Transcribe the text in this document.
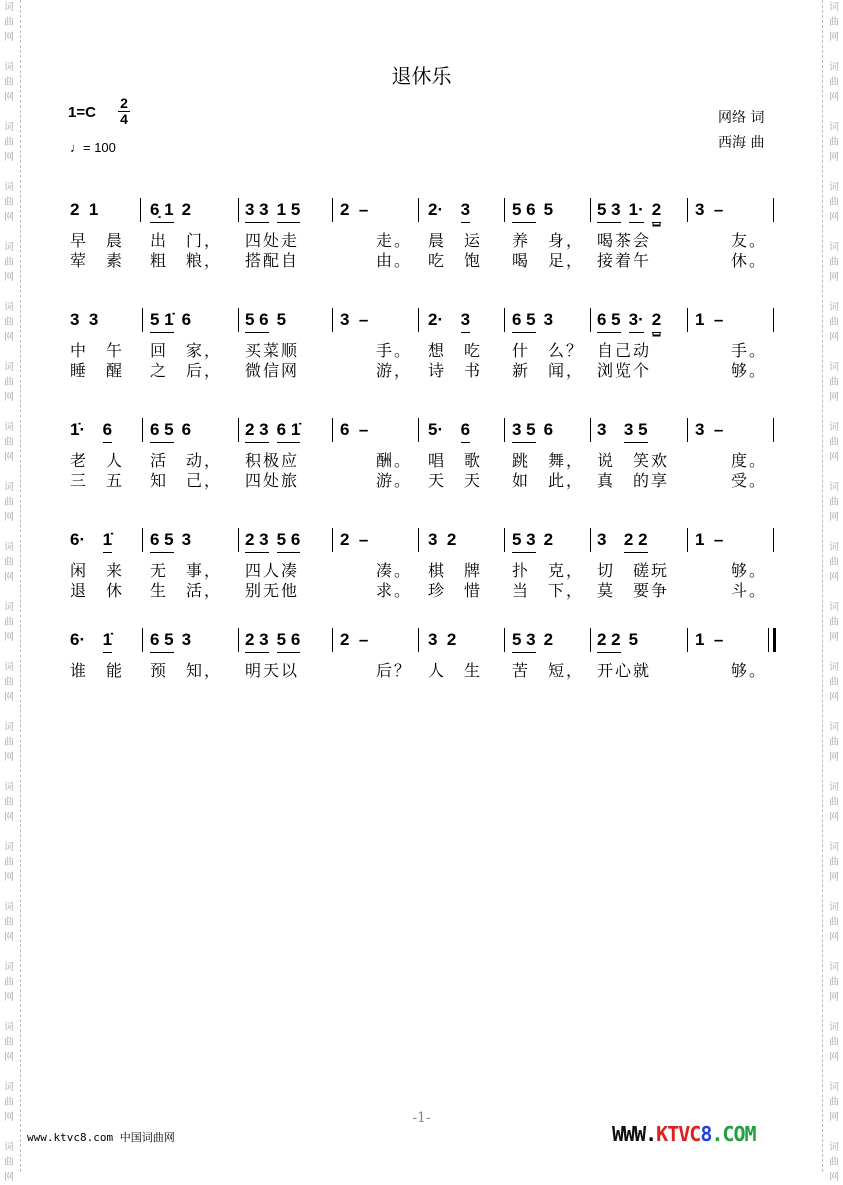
词
曲
网
词
曲
网
词
曲
网
词
曲
网
词
曲
网
词
曲
网
词
曲
网
词
曲
网
词
曲
网
词
曲
网
词
曲
网
词
曲
网
词
曲
网
词
曲
网
词
曲
网
词
曲
网
词
曲
网
词
曲
网
词
曲
网
词
曲
网
词
曲
网
词
曲
网
词
曲
网
词
曲
网
词
曲
网
词
曲
网
词
曲
网
词
曲
网
词
曲
网
词
曲
网
词
曲
网
词
曲
网
词
曲
网
词
曲
网
词
曲
网
词
曲
网
词
曲
网
词
曲
网
词
曲
网
词
曲
网
退休乐
$1=C \frac{2}{4}$
♩= 100
网络 词
西海 曲
2  1
早　晨
荤　素
6̣ 1 2
出　门，
粗　粮，
3 3 1 5
四处走
搭配自
2  –
　　走。
　　由。
2·  3
晨　运
吃　饱
5 6 5
养　身，
喝　足，
5 3 1· 2
喝茶会
接着午
3  –
　　友。
　　休。
3  3
中　午
睡　醒
5 1̇ 6
回　家，
之　后，
5 6 5
买菜顺
微信网
3  –
　　手。
　　游，
2·  3
想　吃
诗　书
6 5 3
什　么？
新　闻，
6 5 3· 2
自己动
浏览个
1  –
　　手。
　　够。
1̇·  6
老　人
三　五
6 5 6
活　动，
知　己，
2 3 6 1̇
积极应
四处旅
6  –
　　酬。
　　游。
5·  6
唱　歌
天　天
3 5 6
跳　舞，
如　此，
3  3 5
说　笑欢
真　的享
3  –
　　度。
　　受。
6·  1̇
闲　来
退　休
6 5 3
无　事，
生　活，
2 3 5 6
四人凑
别无他
2  –
　　凑。
　　求。
3  2
棋　牌
珍　惜
5 3 2
扑　克，
当　下，
3  2 2
切　磋玩
莫　要争
1  –
　　够。
　　斗。
6·  1̇
谁　能
6 5 3
预　知，
2 3 5 6
明天以
2  –
　　后？
3  2
人　生
5 3 2
苦　短，
2 2 5
开心就
1  –
　　够。
-1-
www.ktvc8.com 中国词曲网	WWW.KTVC8.COM
